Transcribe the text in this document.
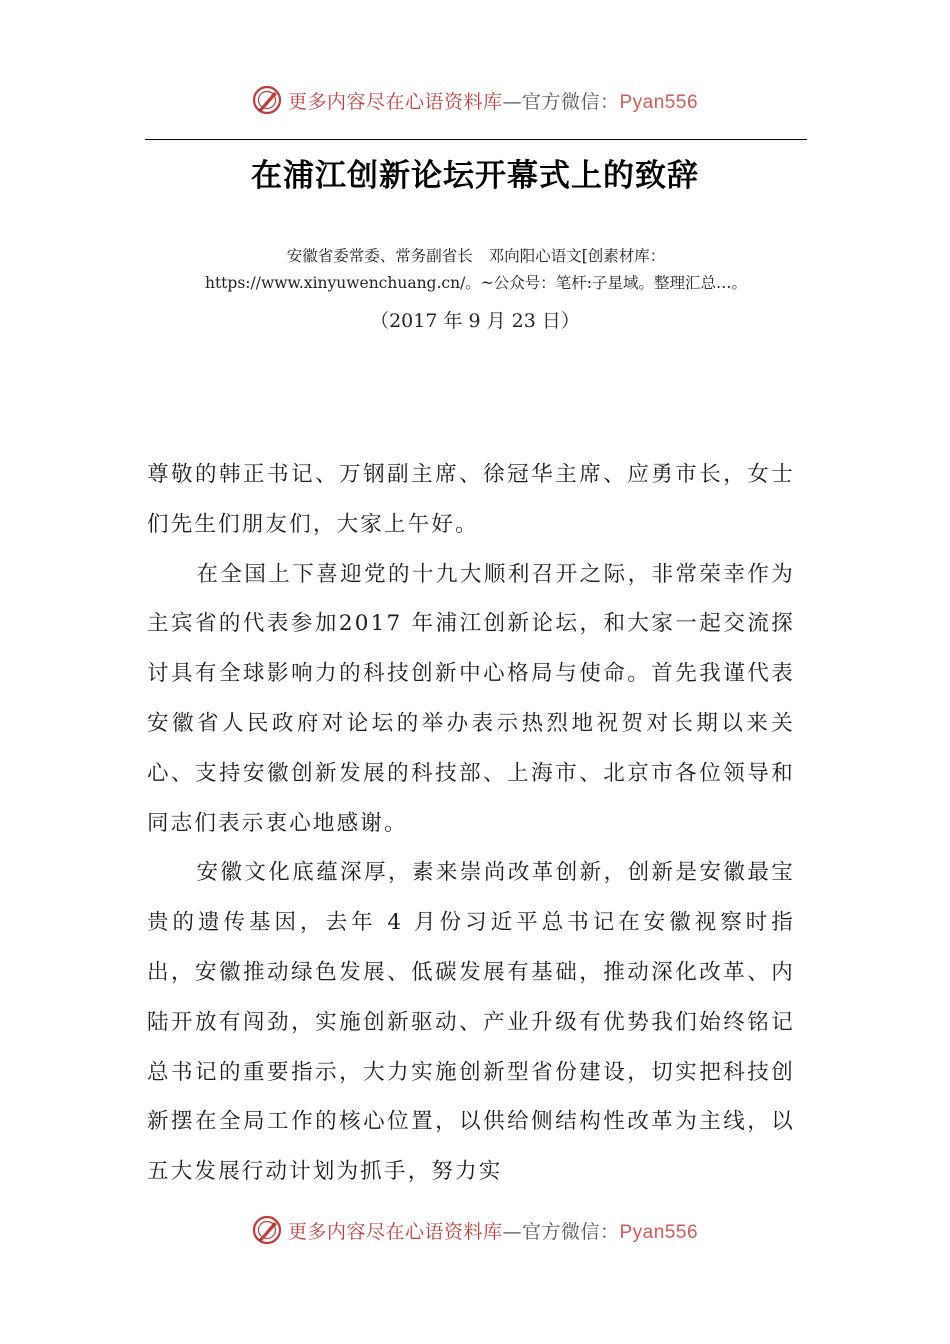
更多内容尽在心语资料库—官方微信：Pyan556
在浦江创新论坛开幕式上的致辞
安徽省委常委、常务副省长 邓向阳心语文[创素材库：
https://www.xinyuwenchuang.cn/。~公众号：笔杆:子星域。整理汇总…。
（2017 年 9 月 23 日）

尊敬的韩正书记、万钢副主席、徐冠华主席、应勇市长，女士们先生们朋友们，大家上午好。

在全国上下喜迎党的十九大顺利召开之际，非常荣幸作为主宾省的代表参加2017 年浦江创新论坛，和大家一起交流探讨具有全球影响力的科技创新中心格局与使命。首先我谨代表安徽省人民政府对论坛的举办表示热烈地祝贺对长期以来关心、支持安徽创新发展的科技部、上海市、北京市各位领导和同志们表示衷心地感谢。

安徽文化底蕴深厚，素来崇尚改革创新，创新是安徽最宝贵的遗传基因，去年 4 月份习近平总书记在安徽视察时指出，安徽推动绿色发展、低碳发展有基础，推动深化改革、内陆开放有闯劲，实施创新驱动、产业升级有优势我们始终铭记总书记的重要指示，大力实施创新型省份建设，切实把科技创新摆在全局工作的核心位置，以供给侧结构性改革为主线，以五大发展行动计划为抓手，努力实

更多内容尽在心语资料库—官方微信：Pyan556
